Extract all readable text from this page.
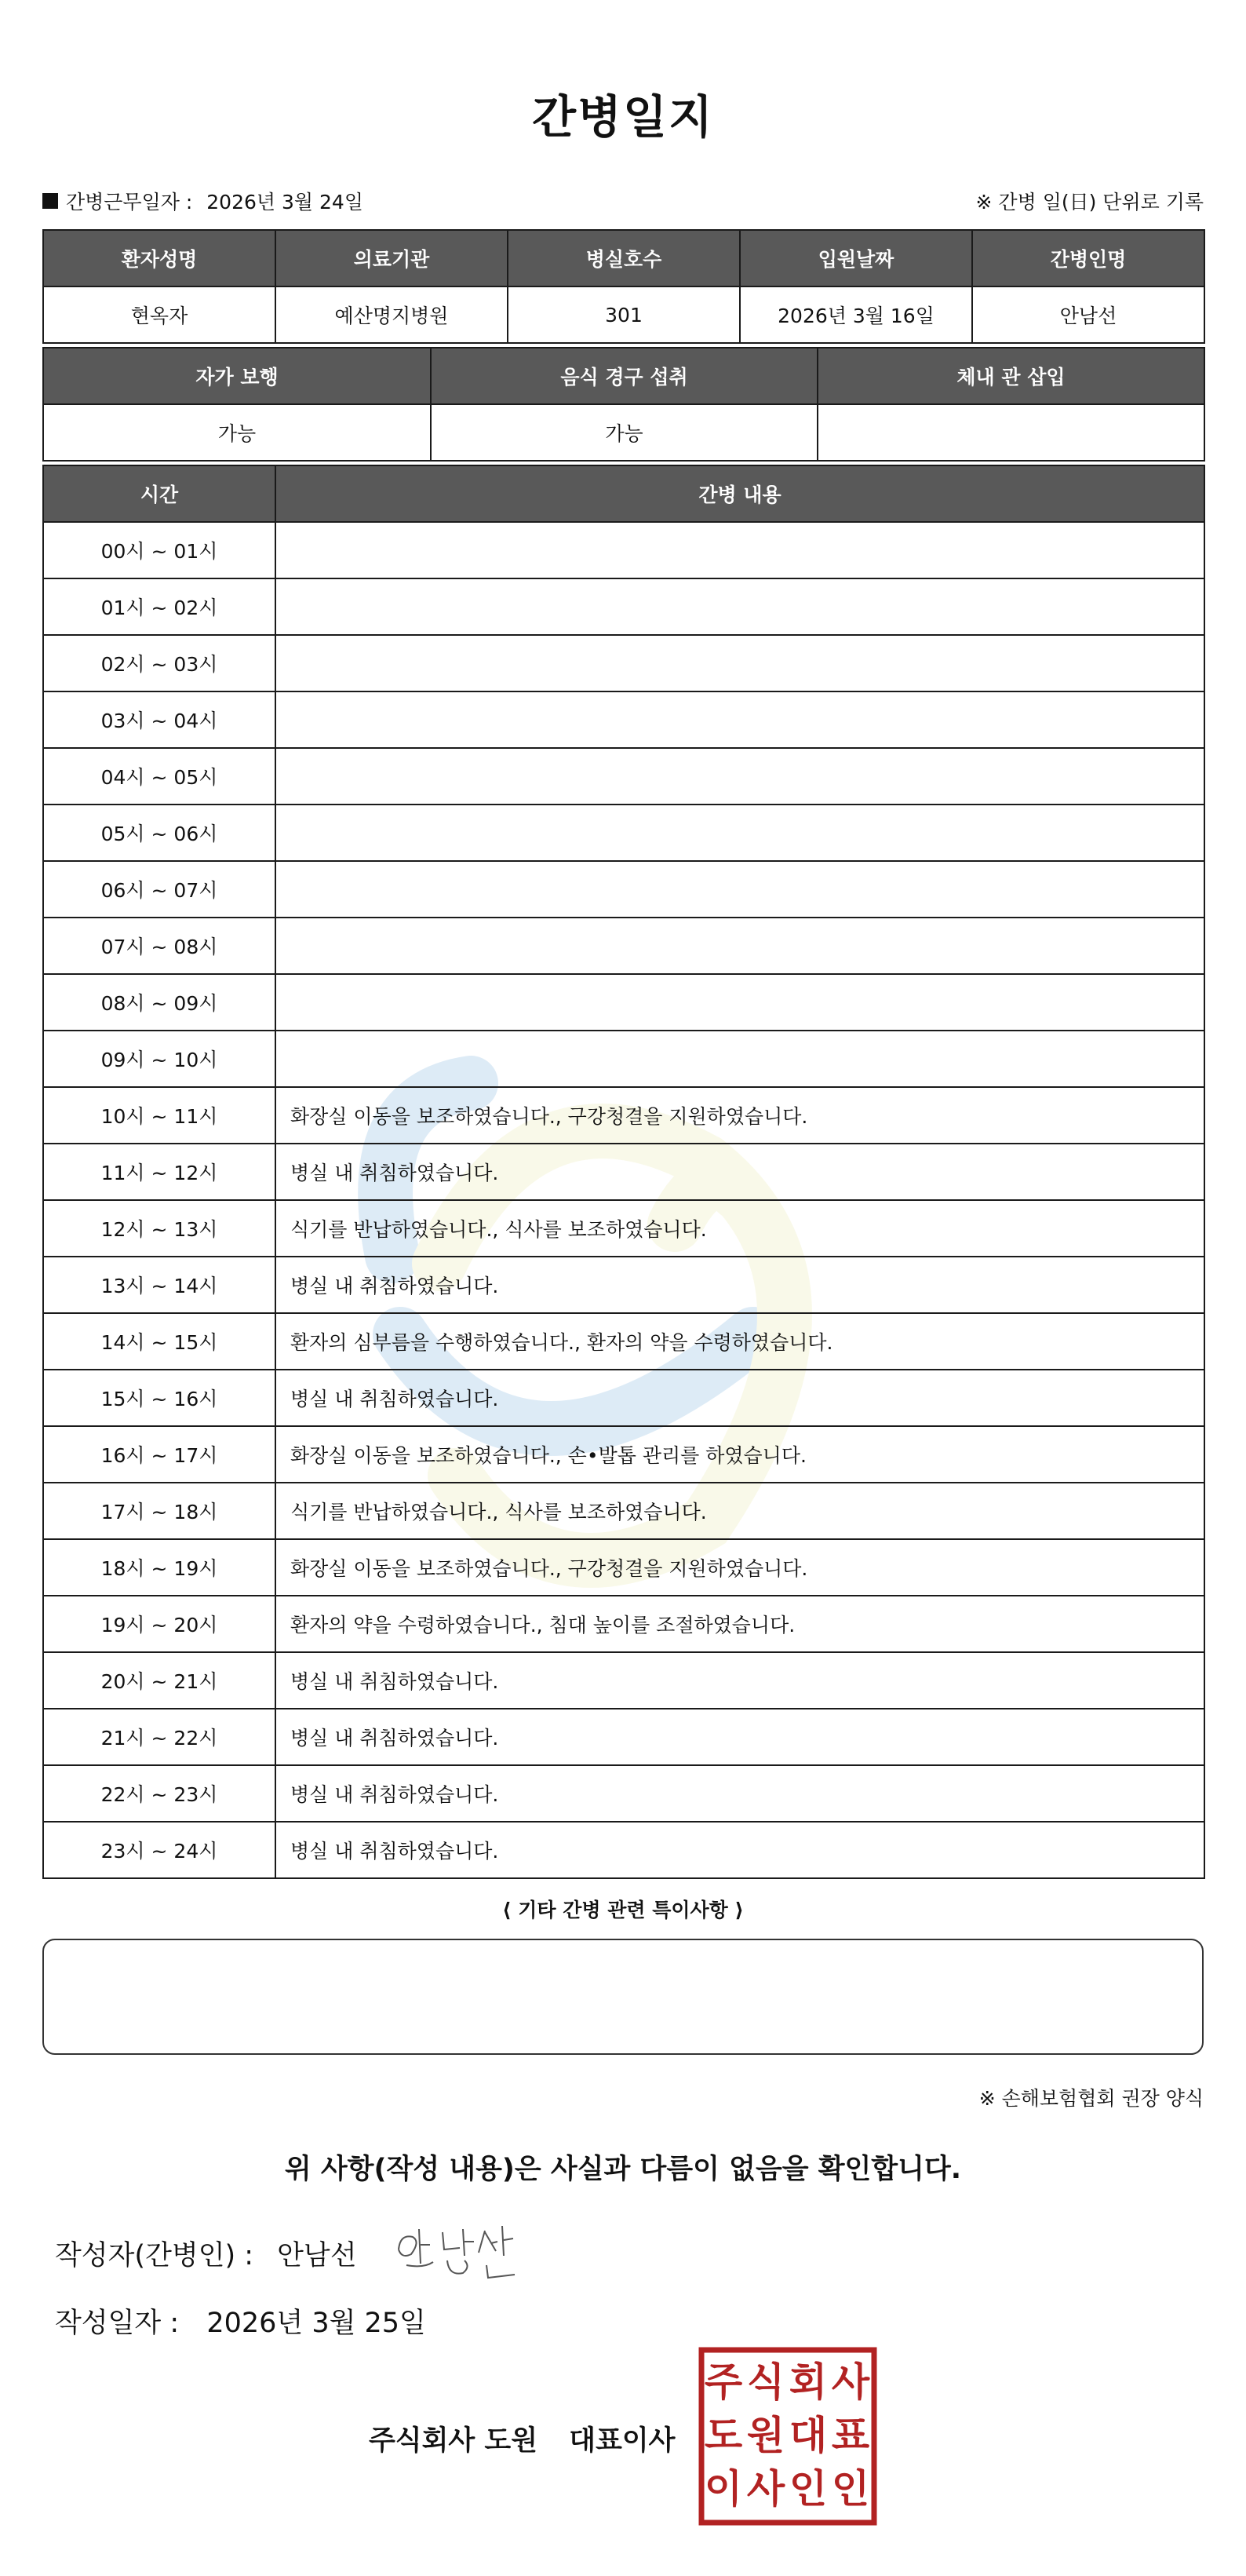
간병일지
간병근무일자 : 2026년 3월 24일	※ 간병 일(日) 단위로 기록
환자성명	의료기관	병실호수	입원날짜	간병인명
현옥자	예산명지병원	301	2026년 3월 16일	안남선
자가 보행	음식 경구 섭취	체내 관 삽입
가능	가능	
시간	간병 내용
00시 ~ 01시	
01시 ~ 02시	
02시 ~ 03시	
03시 ~ 04시	
04시 ~ 05시	
05시 ~ 06시	
06시 ~ 07시	
07시 ~ 08시	
08시 ~ 09시	
09시 ~ 10시	
10시 ~ 11시	화장실 이동을 보조하였습니다., 구강청결을 지원하였습니다.
11시 ~ 12시	병실 내 취침하였습니다.
12시 ~ 13시	식기를 반납하였습니다., 식사를 보조하였습니다.
13시 ~ 14시	병실 내 취침하였습니다.
14시 ~ 15시	환자의 심부름을 수행하였습니다., 환자의 약을 수령하였습니다.
15시 ~ 16시	병실 내 취침하였습니다.
16시 ~ 17시	화장실 이동을 보조하였습니다., 손•발톱 관리를 하였습니다.
17시 ~ 18시	식기를 반납하였습니다., 식사를 보조하였습니다.
18시 ~ 19시	화장실 이동을 보조하였습니다., 구강청결을 지원하였습니다.
19시 ~ 20시	환자의 약을 수령하였습니다., 침대 높이를 조절하였습니다.
20시 ~ 21시	병실 내 취침하였습니다.
21시 ~ 22시	병실 내 취침하였습니다.
22시 ~ 23시	병실 내 취침하였습니다.
23시 ~ 24시	병실 내 취침하였습니다.
⟨ 기타 간병 관련 특이사항 ⟩
※ 손해보험협회 권장 양식
위 사항(작성 내용)은 사실과 다름이 없음을 확인합니다.
작성자(간병인) : 안남선
작성일자 : 2026년 3월 25일
주식회사 도원 대표이사
주 식 회 사
도 원 대 표
이 사 인 인
